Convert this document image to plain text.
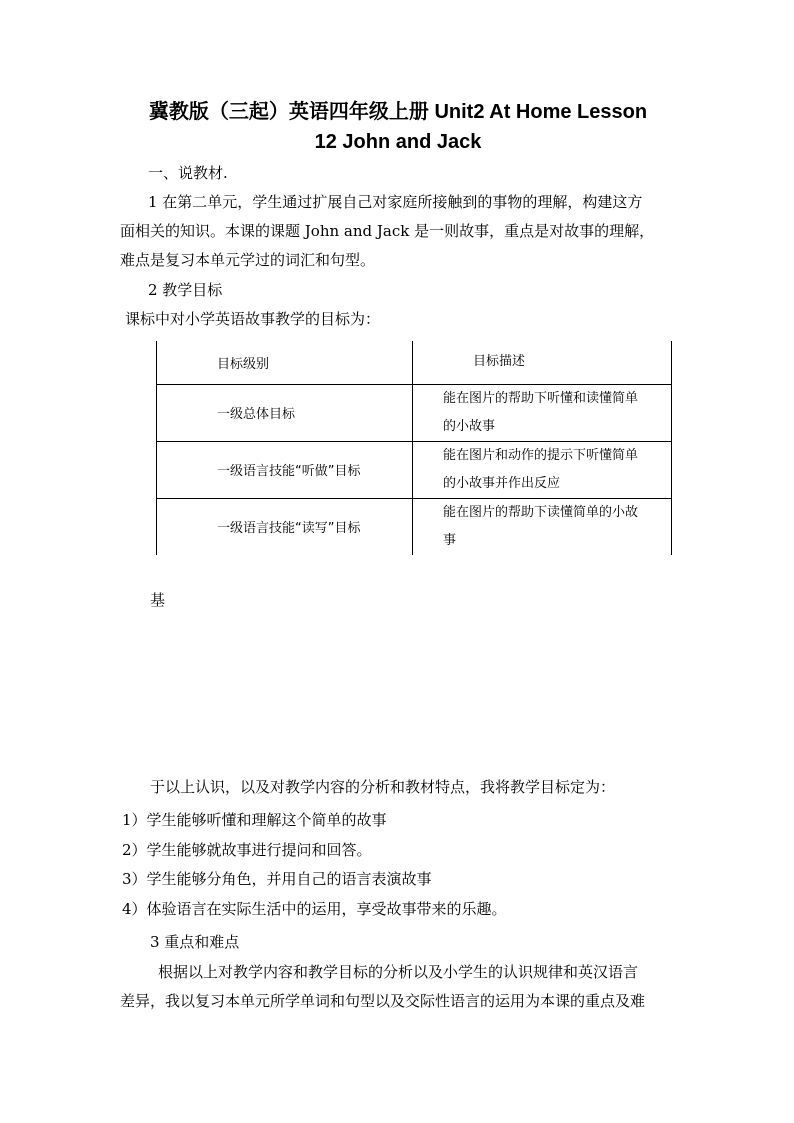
冀教版（三起）英语四年级上册 Unit2 At Home Lesson
12 John and Jack
一、说教材.
1 在第二单元，学生通过扩展自己对家庭所接触到的事物的理解，构建这方
面相关的知识。本课的课题 John and Jack 是一则故事，重点是对故事的理解，
难点是复习本单元学过的词汇和句型。
2 教学目标
课标中对小学英语故事教学的目标为：
目标级别	目标描述
一级总体目标	能在图片的帮助下听懂和读懂简单
的小故事

一级语言技能“听做”目标	能在图片和动作的提示下听懂简单
的小故事并作出反应

一级语言技能“读写”目标	能在图片的帮助下读懂简单的小故
事
基
于以上认识，以及对教学内容的分析和教材特点，我将教学目标定为：
1）学生能够听懂和理解这个简单的故事
2）学生能够就故事进行提问和回答。
3）学生能够分角色，并用自己的语言表演故事
4）体验语言在实际生活中的运用，享受故事带来的乐趣。
3 重点和难点
根据以上对教学内容和教学目标的分析以及小学生的认识规律和英汉语言
差异，我以复习本单元所学单词和句型以及交际性语言的运用为本课的重点及难
